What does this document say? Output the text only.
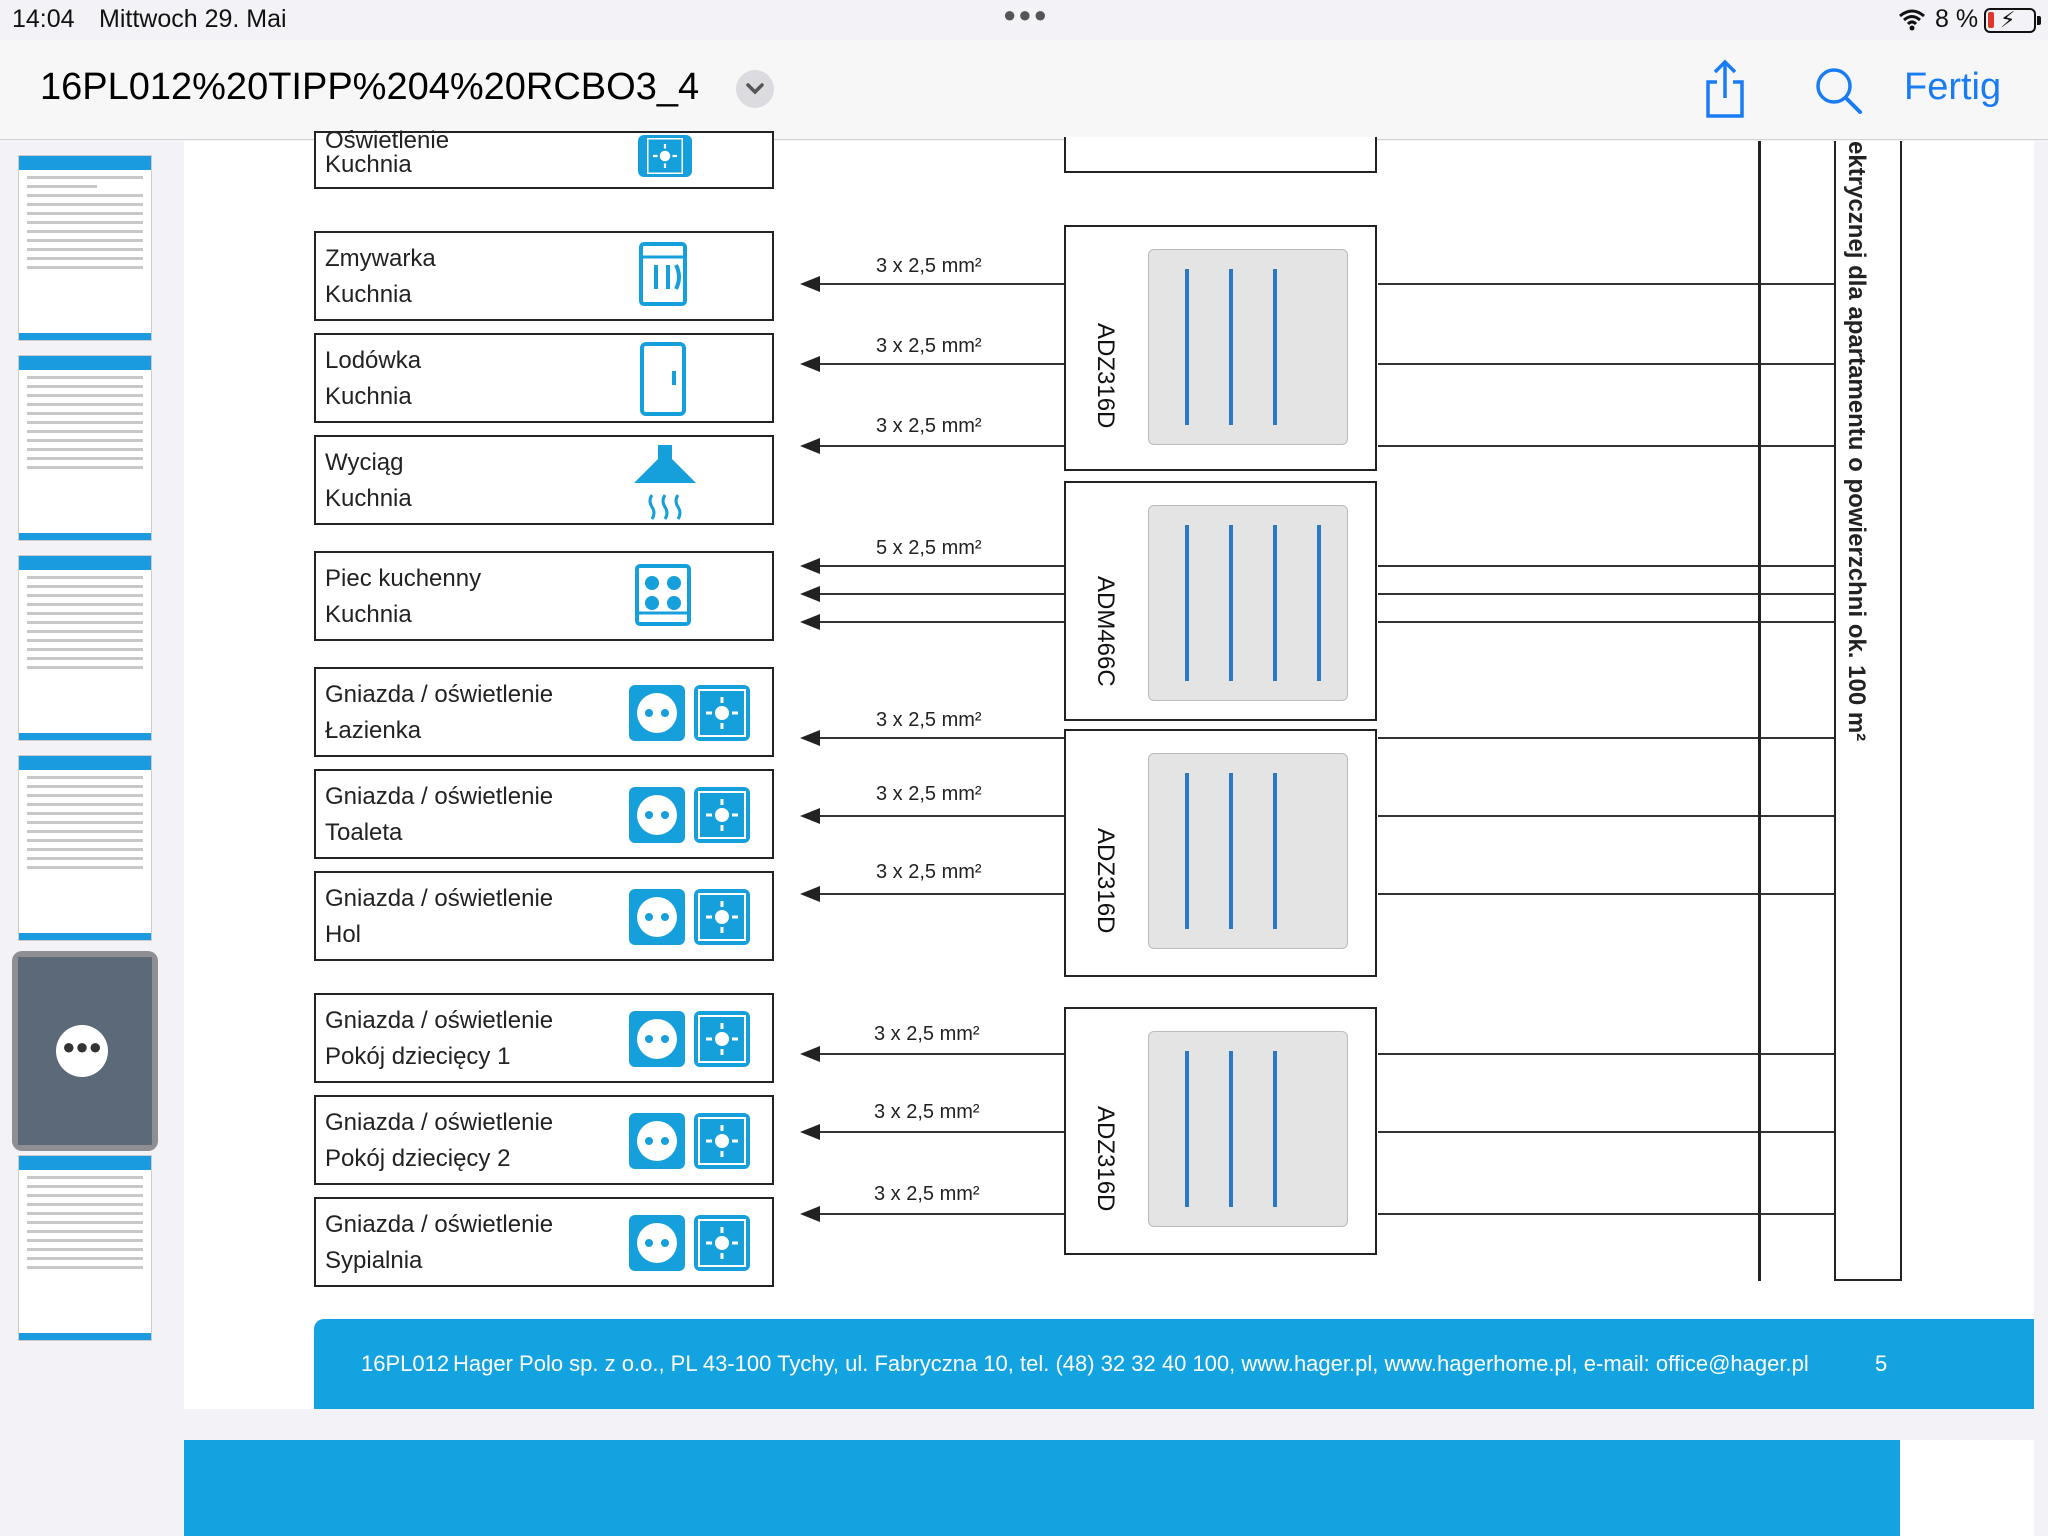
14:04 Mittwoch 29. Mai	●●●	8 % ⚡
16PL012%20TIPP%204%20RCBO3_4	Fertig
●●●
Oświetlenie
Kuchnia
Zmywarka
Kuchnia
Lodówka
Kuchnia
Wyciąg
Kuchnia
Piec kuchenny
Kuchnia
Gniazda / oświetlenie
Łazienka
Gniazda / oświetlenie
Toaleta
Gniazda / oświetlenie
Hol
Gniazda / oświetlenie
Pokój dziecięcy 1
Gniazda / oświetlenie
Pokój dziecięcy 2
Gniazda / oświetlenie
Sypialnia
3 x 2,5 mm²
3 x 2,5 mm²
3 x 2,5 mm²
5 x 2,5 mm²
3 x 2,5 mm²
3 x 2,5 mm²
3 x 2,5 mm²
3 x 2,5 mm²
3 x 2,5 mm²
3 x 2,5 mm²
ADZ316D
ADM466C
ADZ316D
ADZ316D
ektrycznej dla apartamentu o powierzchni ok. 100 m²
16PL012 Hager Polo sp. z o.o., PL 43-100 Tychy, ul. Fabryczna 10, tel. (48) 32 32 40 100, www.hager.pl, www.hagerhome.pl, e-mail: office@hager.pl	5
